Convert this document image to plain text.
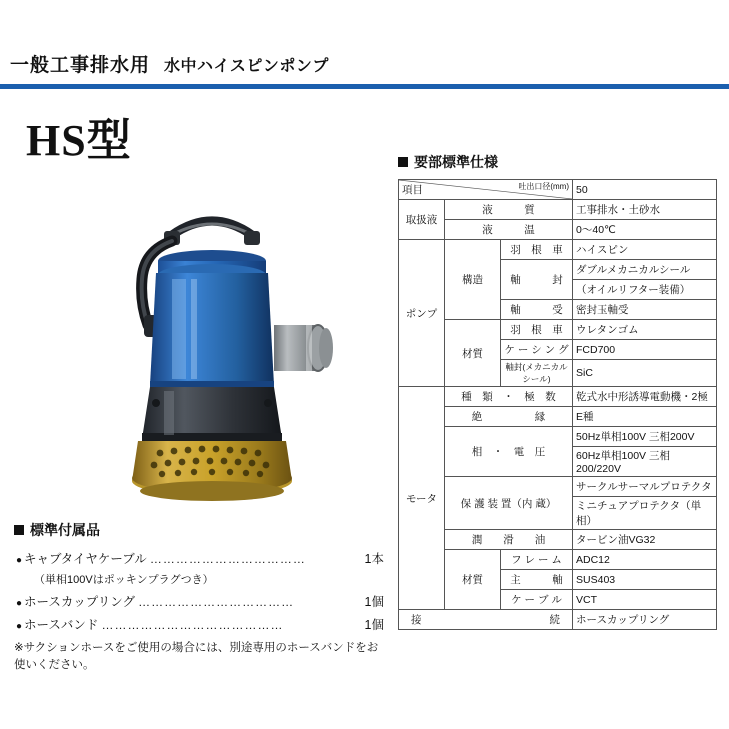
一般工事排水用 水中ハイスピンポンプ
HS型
標準付属品
● キャブタイヤケーブル ………………………………	1本
（単相100Vはポッキンプラグつき）
● ホースカップリング ………………………………	1個
● ホースバンド ……………………………………	1個
※サクションホースをご使用の場合には、別途専用のホースバンドをお使いください。
要部標準仕様
項目 吐出口径(mm)			50
取扱液	液　　　質		工事排水・土砂水
	液　　　温		0～40℃
ポンプ	構造	羽　根　車	ハイスピン
		軸　　　封	ダブルメカニカルシール
			（オイルリフター装備）
		軸　　　受	密封玉軸受
	材質	羽　根　車	ウレタンゴム
		ケ ー シ ン グ	FCD700
		軸封(メカニカルシール)	SiC
モータ	種　類　・　極　数		乾式水中形誘導電動機・2極
	絶　　　　　縁		E種
	相　・　電　圧		50Hz単相100V 三相200V
			60Hz単相100V 三相200/220V
	保 護 装 置（内 蔵）		サークルサーマルプロテクタ
			ミニチュアプロテクタ（単相）
	潤　　滑　　油		タービン油VG32
	材質	フ レ ー ム	ADC12
		主　　　軸	SUS403
		ケ ー ブ ル	VCT

接 続			ホースカップリング
